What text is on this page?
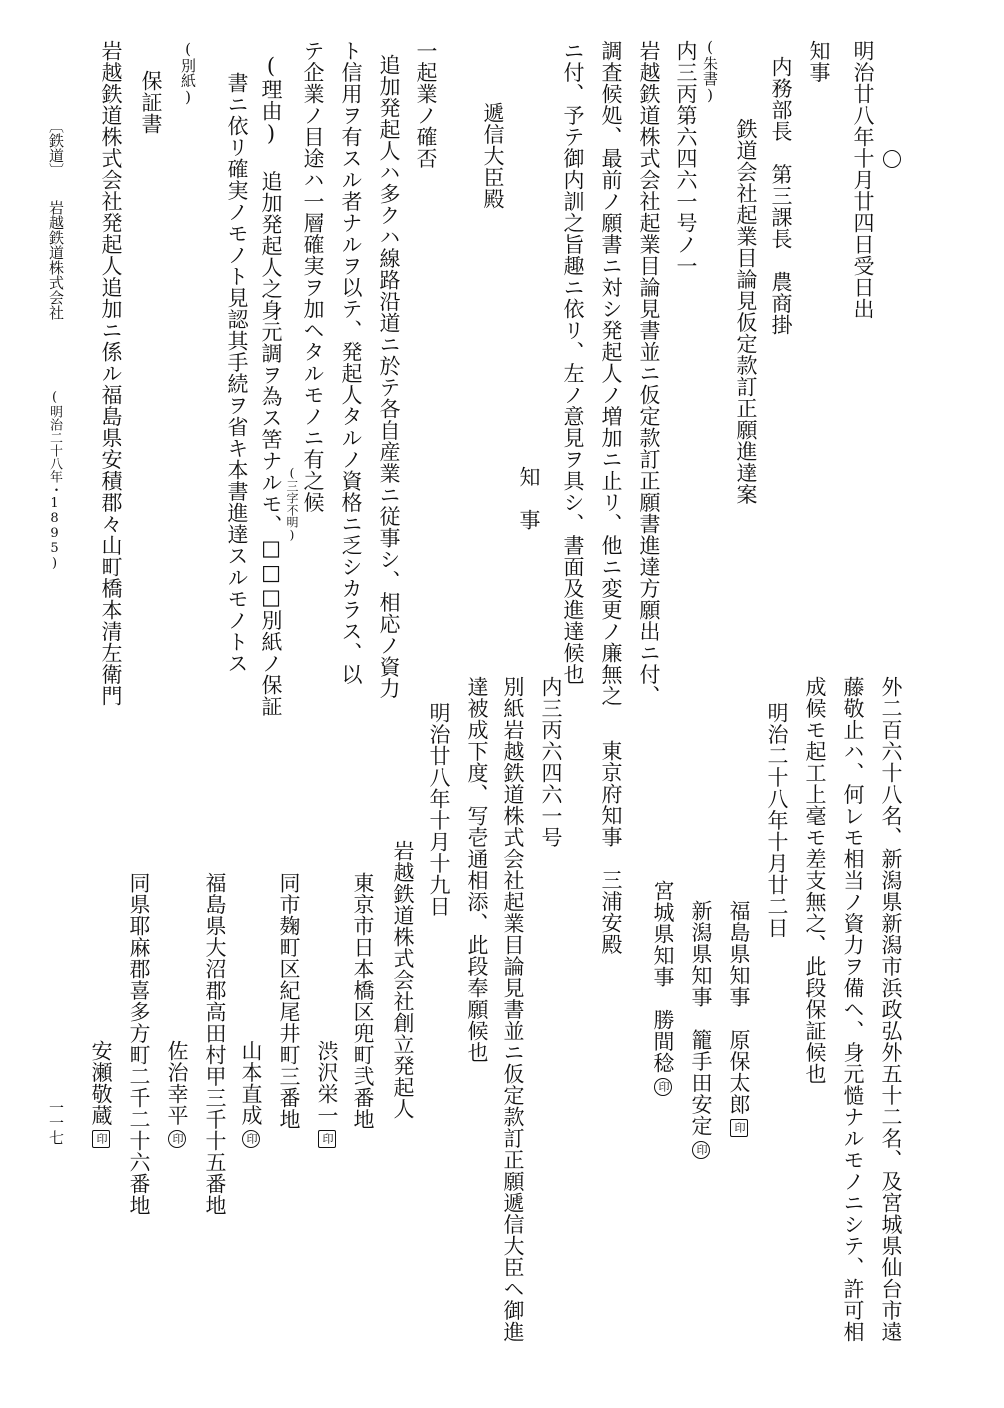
明治廿八年十月廿四日受日出
知事
内務部長　第三課長　農商掛
鉄道会社起業目論見仮定款訂正願進達案
(朱書)
内三丙第六四六一号ノ一
岩越鉄道株式会社起業目論見書並ニ仮定款訂正願書進達方願出ニ付、
調査候処、最前ノ願書ニ対シ発起人ノ増加ニ止リ、他ニ変更ノ廉無之
ニ付、予テ御内訓之旨趣ニ依リ、左ノ意見ヲ具シ、書面及進達候也
知　事
遞信大臣殿
一起業ノ確否
追加発起人ハ多クハ線路沿道ニ於テ各自産業ニ従事シ、相応ノ資力
ト信用ヲ有スル者ナルヲ以テ、発起人タルノ資格ニ乏シカラス、以
テ企業ノ目途ハ一層確実ヲ加ヘタルモノニ有之候
(三字不明)
(理由) 追加発起人之身元調ヲ為ス筈ナルモ、□□□別紙ノ保証
書ニ依リ確実ノモノト見認其手続ヲ省キ本書進達スルモノトス
(別紙)
保証書
岩越鉄道株式会社発起人追加ニ係ル福島県安積郡々山町橋本清左衛門
〔鉄道〕
岩越鉄道株式会社
(明治二十八年・1895)
外二百六十八名、新潟県新潟市浜政弘外五十二名、及宮城県仙台市遠
藤敬止ハ、何レモ相当ノ資力ヲ備ヘ、身元慥ナルモノニシテ、許可相
成候モ起工上毫モ差支無之、此段保証候也
明治二十八年十月廿二日
福島県知事　原保太郎印
新潟県知事　籠手田安定印
宮城県知事　勝間稔印
東京府知事　三浦安殿
内三丙六四六一号
別紙岩越鉄道株式会社起業目論見書並ニ仮定款訂正願遞信大臣ヘ御進
達被成下度、写壱通相添、此段奉願候也
明治廿八年十月十九日
岩越鉄道株式会社創立発起人
東京市日本橋区兜町弐番地
渋沢栄一印
同市麹町区紀尾井町三番地
山本直成印
福島県大沼郡高田村甲三千十五番地
佐治幸平印
同県耶麻郡喜多方町二千二十六番地
安瀬敬蔵印
一一七
